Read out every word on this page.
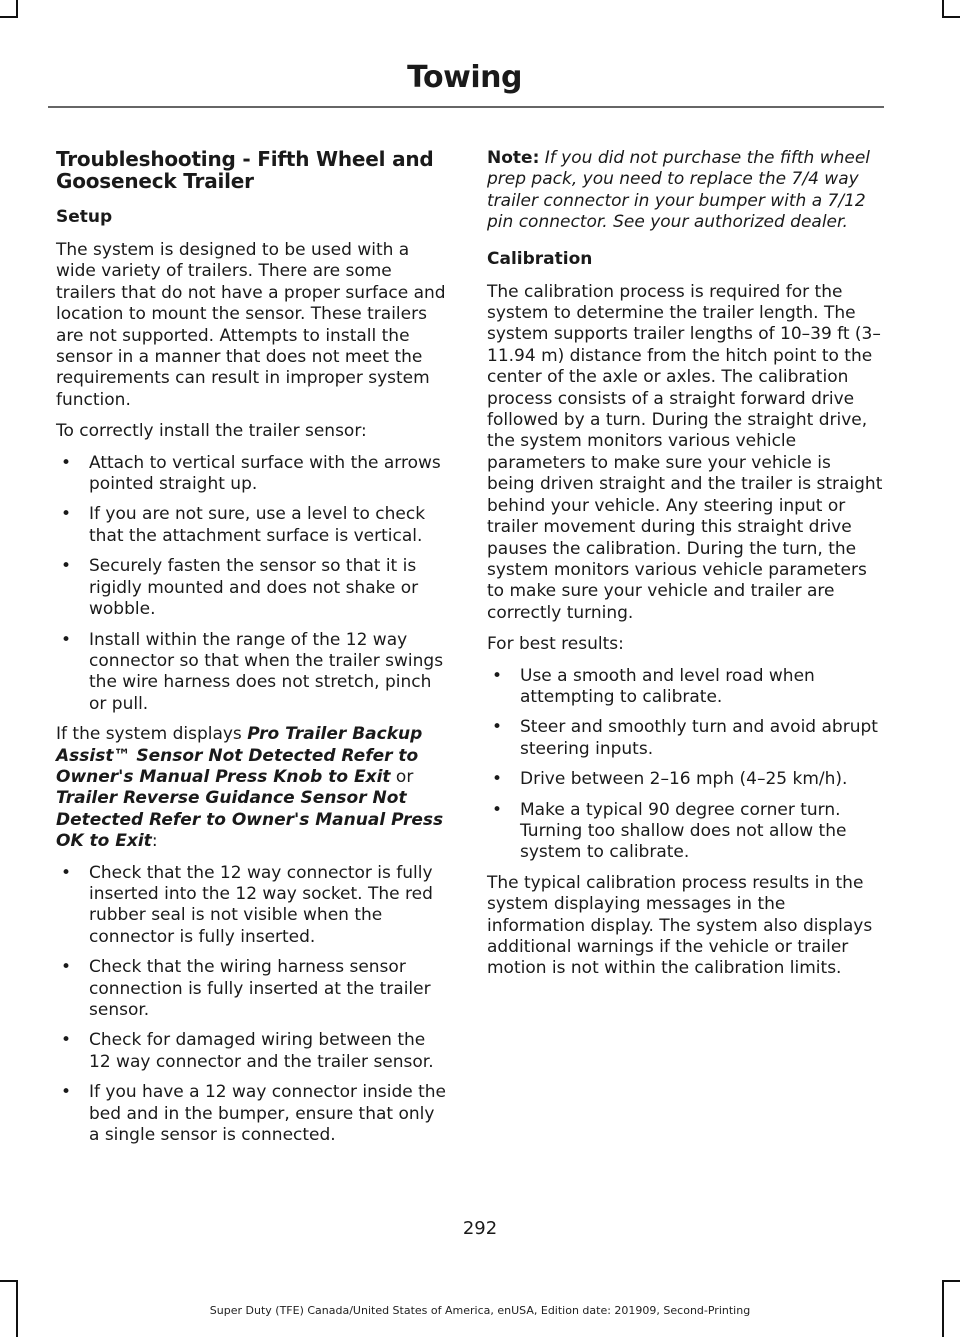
Towing
Troubleshooting - Fifth Wheel and Gooseneck Trailer
Setup

The system is designed to be used with a wide variety of trailers. There are some trailers that do not have a proper surface and location to mount the sensor. These trailers are not supported. Attempts to install the sensor in a manner that does not meet the requirements can result in improper system function.

To correctly install the trailer sensor:

• Attach to vertical surface with the arrows pointed straight up.
• If you are not sure, use a level to check that the attachment surface is vertical.
• Securely fasten the sensor so that it is rigidly mounted and does not shake or wobble.
• Install within the range of the 12 way connector so that when the trailer swings the wire harness does not stretch, pinch or pull.

If the system displays Pro Trailer Backup Assist™ Sensor Not Detected Refer to Owner's Manual Press Knob to Exit or Trailer Reverse Guidance Sensor Not Detected Refer to Owner's Manual Press OK to Exit:

• Check that the 12 way connector is fully inserted into the 12 way socket. The red rubber seal is not visible when the connector is fully inserted.
• Check that the wiring harness sensor connection is fully inserted at the trailer sensor.
• Check for damaged wiring between the 12 way connector and the trailer sensor.
• If you have a 12 way connector inside the bed and in the bumper, ensure that only a single sensor is connected.

Note: If you did not purchase the fifth wheel prep pack, you need to replace the 7/4 way trailer connector in your bumper with a 7/12 pin connector. See your authorized dealer.

Calibration

The calibration process is required for the system to determine the trailer length. The system supports trailer lengths of 10–39 ft (3–11.94 m) distance from the hitch point to the center of the axle or axles. The calibration process consists of a straight forward drive followed by a turn. During the straight drive, the system monitors various vehicle parameters to make sure your vehicle is being driven straight and the trailer is straight behind your vehicle. Any steering input or trailer movement during this straight drive pauses the calibration. During the turn, the system monitors various vehicle parameters to make sure your vehicle and trailer are correctly turning.

For best results:

• Use a smooth and level road when attempting to calibrate.
• Steer and smoothly turn and avoid abrupt steering inputs.
• Drive between 2–16 mph (4–25 km/h).
• Make a typical 90 degree corner turn. Turning too shallow does not allow the system to calibrate.

The typical calibration process results in the system displaying messages in the information display. The system also displays additional warnings if the vehicle or trailer motion is not within the calibration limits.

292
Super Duty (TFE) Canada/United States of America, enUSA, Edition date: 201909, Second-Printing
